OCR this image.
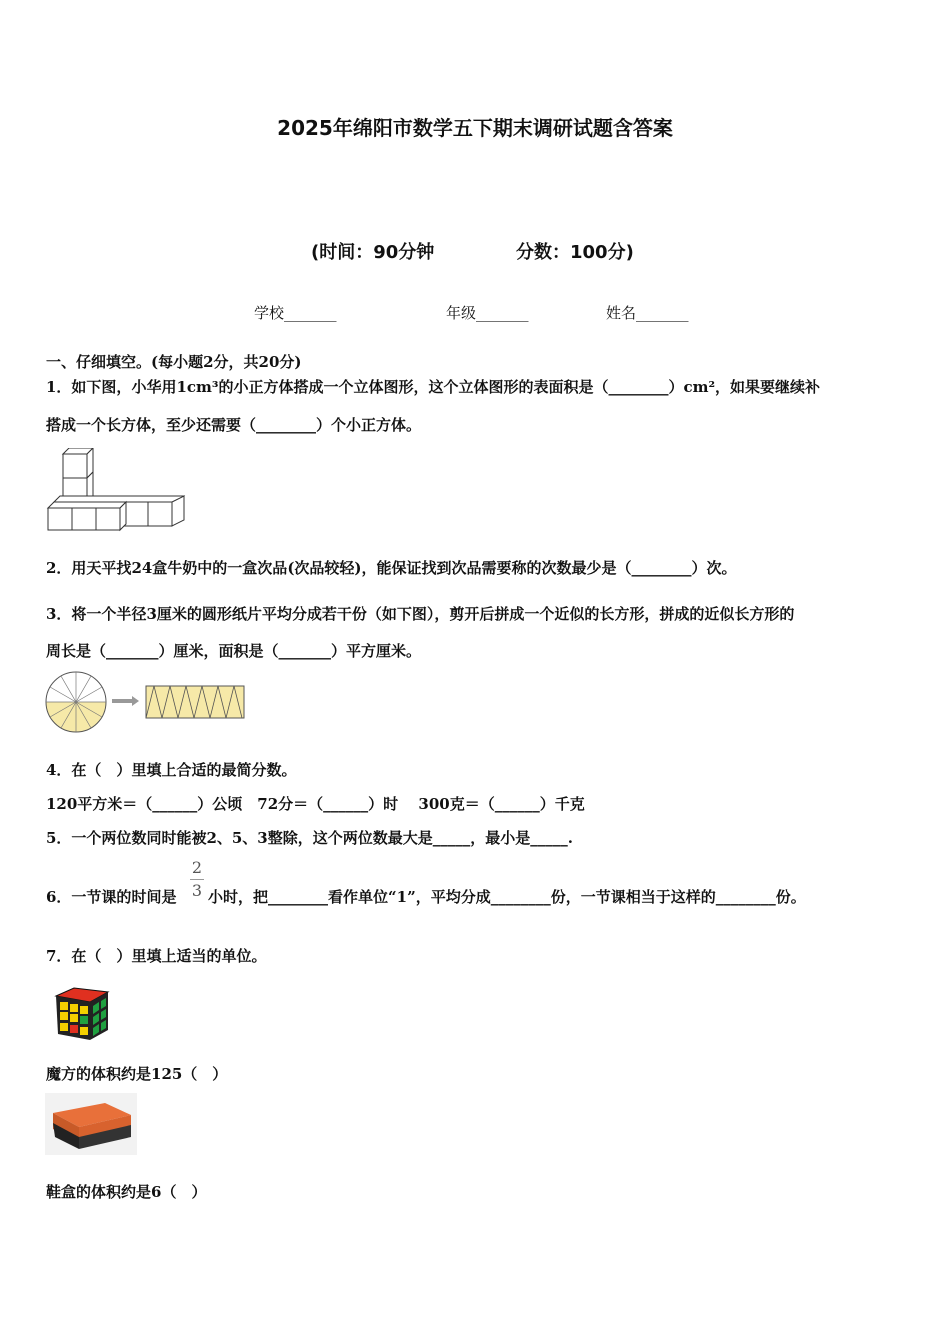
2025年绵阳市数学五下期末调研试题含答案
(时间：90分钟	分数：100分)
学校_______	年级_______	姓名_______
一、仔细填空。(每小题2分，共20分)
1．如下图，小华用1cm³的小正方体搭成一个立体图形，这个立体图形的表面积是（________）cm²，如果要继续补
搭成一个长方体，至少还需要（________）个小正方体。
2．用天平找24盒牛奶中的一盒次品(次品较轻)，能保证找到次品需要称的次数最少是（________）次。
3．将一个半径3厘米的圆形纸片平均分成若干份（如下图），剪开后拼成一个近似的长方形，拼成的近似长方形的
周长是（_______）厘米，面积是（_______）平方厘米。
4．在（　）里填上合适的最简分数。
120平方米＝（______）公顷　72分＝（______）时　 300克＝（______）千克
5．一个两位数同时能被2、5、3整除，这个两位数最大是_____，最小是_____.
6．一节课的时间是
2
3 小时，把________看作单位“1”，平均分成________份，一节课相当于这样的________份。
7．在（　）里填上适当的单位。
魔方的体积约是125（　）
鞋盒的体积约是6（　）
